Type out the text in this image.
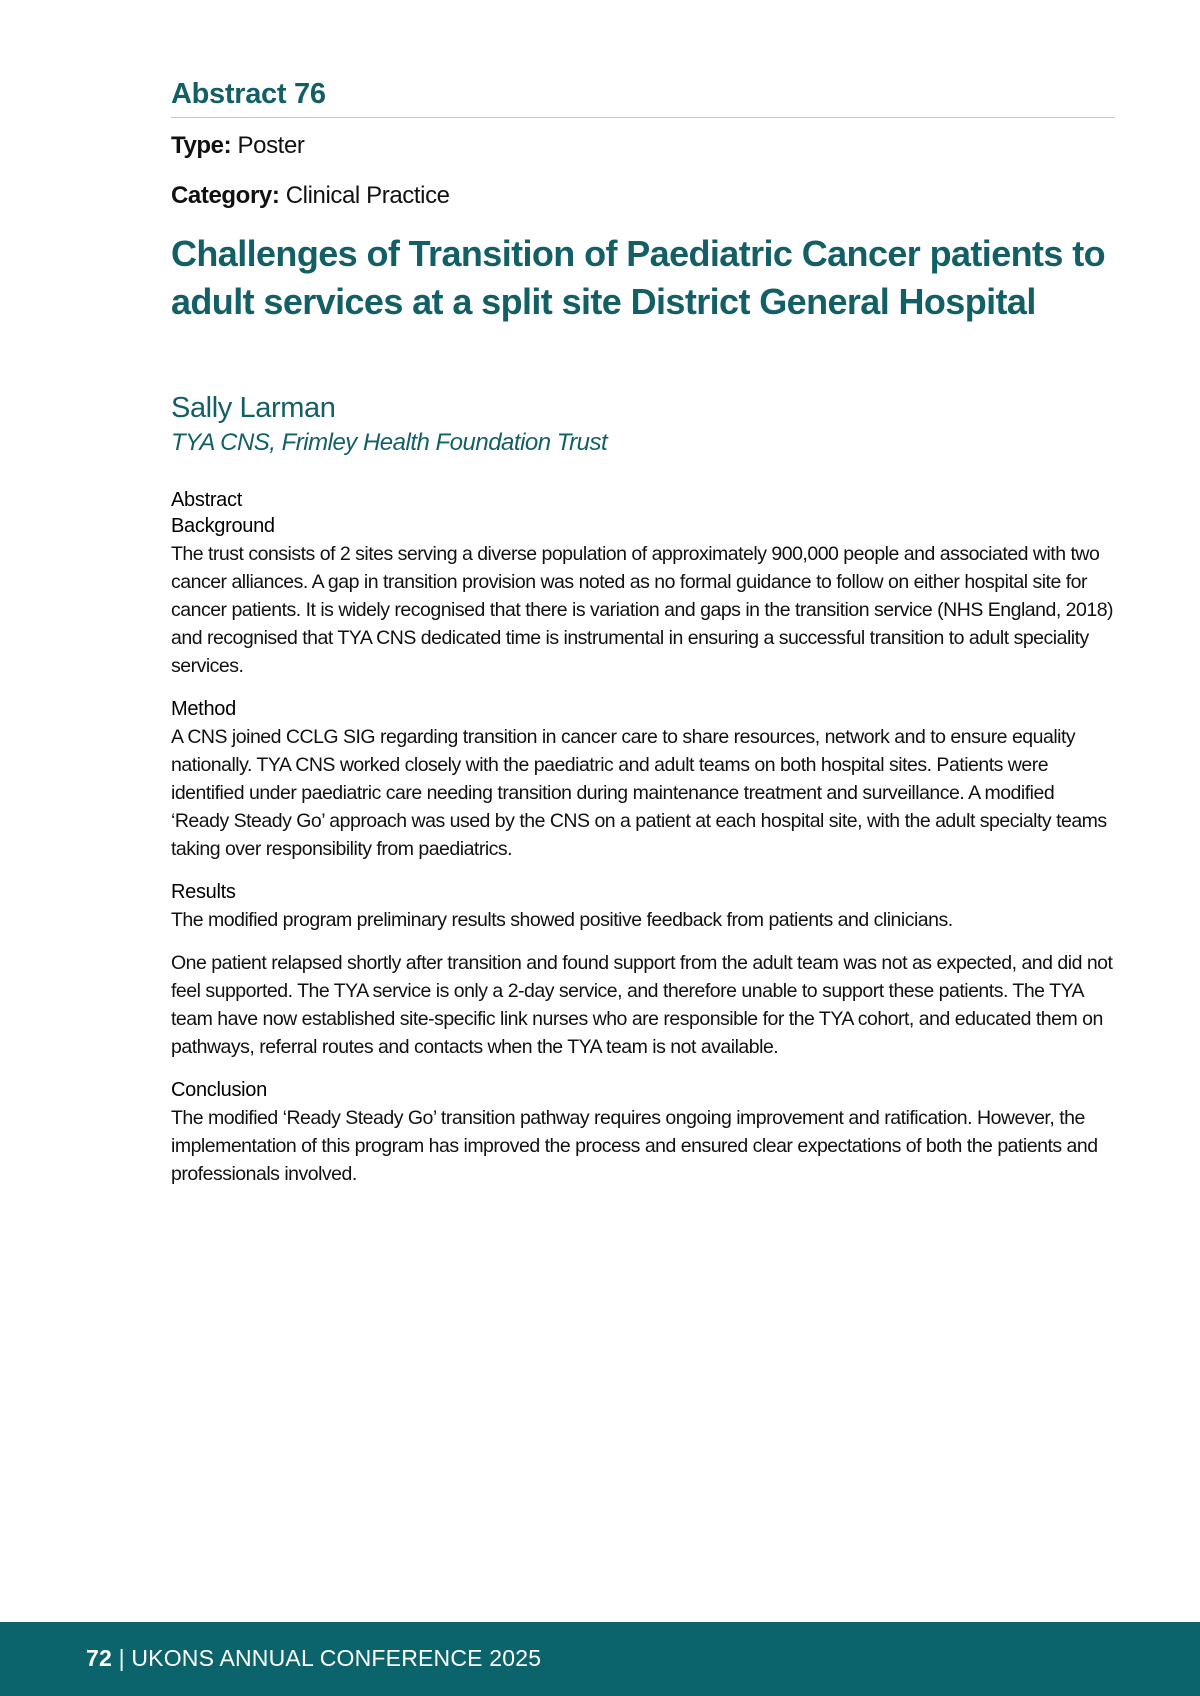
Abstract 76

Type: Poster

Category: Clinical Practice

Challenges of Transition of Paediatric Cancer patients to adult services at a split site District General Hospital

Sally Larman

TYA CNS, Frimley Health Foundation Trust

Abstract

Background

The trust consists of 2 sites serving a diverse population of approximately 900,000 people and associated with two cancer alliances. A gap in transition provision was noted as no formal guidance to follow on either hospital site for cancer patients. It is widely recognised that there is variation and gaps in the transition service (NHS England, 2018) and recognised that TYA CNS dedicated time is instrumental in ensuring a successful transition to adult speciality services.

Method

A CNS joined CCLG SIG regarding transition in cancer care to share resources, network and to ensure equality nationally. TYA CNS worked closely with the paediatric and adult teams on both hospital sites. Patients were identified under paediatric care needing transition during maintenance treatment and surveillance. A modified ‘Ready Steady Go’ approach was used by the CNS on a patient at each hospital site, with the adult specialty teams taking over responsibility from paediatrics.

Results

The modified program preliminary results showed positive feedback from patients and clinicians.

One patient relapsed shortly after transition and found support from the adult team was not as expected, and did not feel supported. The TYA service is only a 2-day service, and therefore unable to support these patients. The TYA team have now established site-specific link nurses who are responsible for the TYA cohort, and educated them on pathways, referral routes and contacts when the TYA team is not available.

Conclusion

The modified ‘Ready Steady Go’ transition pathway requires ongoing improvement and ratification. However, the implementation of this program has improved the process and ensured clear expectations of both the patients and professionals involved.

72 | UKONS ANNUAL CONFERENCE 2025
